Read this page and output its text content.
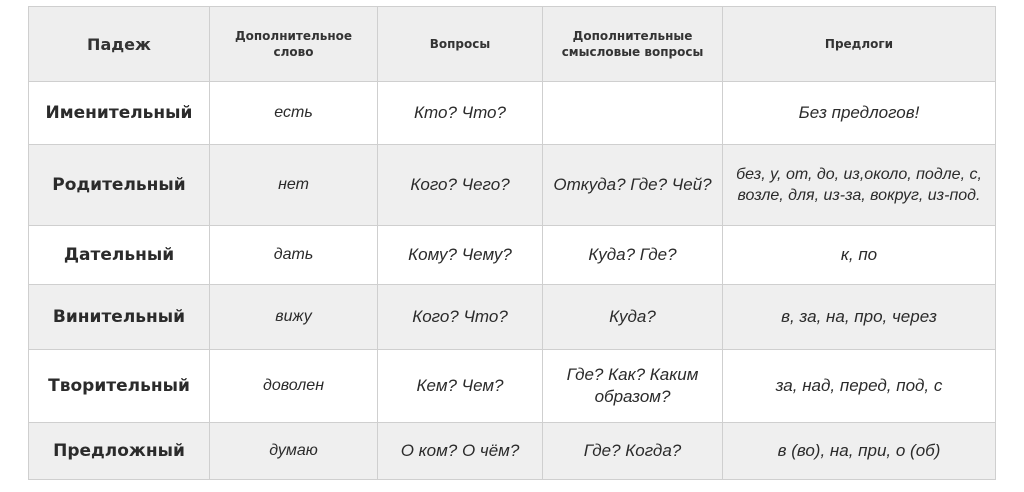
Падеж	Дополнительное слово	Вопросы	Дополнительные смысловые вопросы	Предлоги
Именительный	есть	Кто? Что?		Без предлогов!
Родительный	нет	Кого? Чего?	Откуда? Где? Чей?	без, у, от, до, из,около, подле, с, возле, для, из-за, вокруг, из-под.
Дательный	дать	Кому? Чему?	Куда? Где?	к, по
Винительный	вижу	Кого? Что?	Куда?	в, за, на, про, через
Творительный	доволен	Кем? Чем?	Где? Как? Каким образом?	за, над, перед, под, с
Предложный	думаю	О ком? О чём?	Где? Когда?	в (во), на, при, о (об)
